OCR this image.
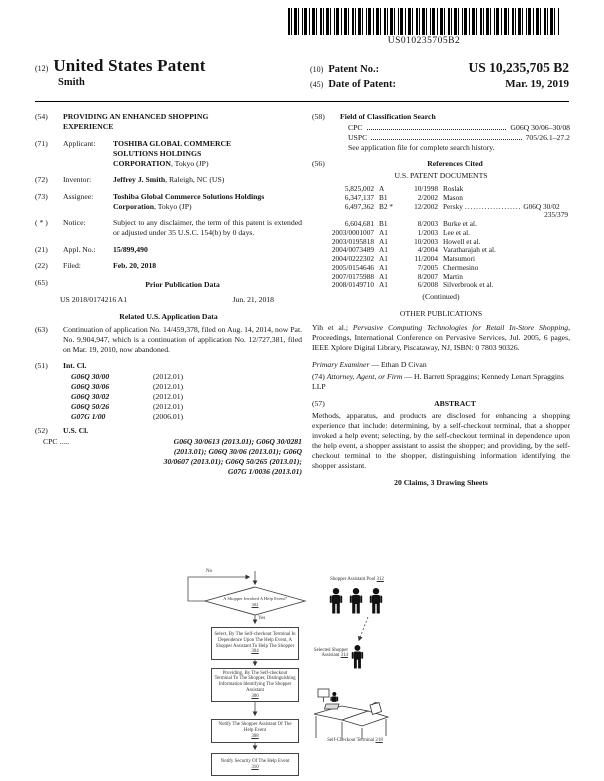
US010235705B2
(12) United States Patent
Smith
(10) Patent No.:	US 10,235,705 B2
(45) Date of Patent:	Mar. 19, 2019
(54)	PROVIDING AN ENHANCED SHOPPING EXPERIENCE
(71)	Applicant:	TOSHIBA GLOBAL COMMERCE SOLUTIONS HOLDINGS CORPORATION, Tokyo (JP)
(72)	Inventor:	Jeffrey J. Smith, Raleigh, NC (US)
(73)	Assignee:	Toshiba Global Commerce Solutions Holdings Corporation, Tokyo (JP)
( * )	Notice:	Subject to any disclaimer, the term of this patent is extended or adjusted under 35 U.S.C. 154(b) by 0 days.
(21)	Appl. No.:	15/899,490
(22)	Filed:	Feb. 20, 2018
(65)	Prior Publication Data
US 2018/0174216 A1	Jun. 21, 2018
Related U.S. Application Data
(63)	Continuation of application No. 14/459,378, filed on Aug. 14, 2014, now Pat. No. 9,904,947, which is a continuation of application No. 12/727,381, filed on Mar. 19, 2010, now abandoned.
(51)	Int. Cl.
G06Q 30/00	(2012.01)
G06Q 30/06	(2012.01)
G06Q 30/02	(2012.01)
G06Q 50/26	(2012.01)
G07G 1/00	(2006.01)
(52)	U.S. Cl.
CPC .....	G06Q 30/0613 (2013.01); G06Q 30/0281
(2013.01); G06Q 30/06 (2013.01); G06Q
30/0607 (2013.01); G06Q 50/265 (2013.01);
G07G 1/0036 (2013.01)
(58)	Field of Classification Search
CPC	G06Q 30/06–30/08
USPC	705/26.1–27.2
See application file for complete search history.
(56)	References Cited
U.S. PATENT DOCUMENTS
5,825,002 A	10/1998 Roslak
6,347,137 B1	2/2002 Mason
6,497,362 B2 *	12/2002 Persky .................... G06Q 30/02
235/379
6,604,681 B1	8/2003 Burke et al.
2003/0001007 A1	1/2003 Lee et al.
2003/0195818 A1	10/2003 Howell et al.
2004/0073489 A1	4/2004 Varatharajah et al.
2004/0222302 A1	11/2004 Matsumori
2005/0154646 A1	7/2005 Chermesino
2007/0175988 A1	8/2007 Martin
2008/0149710 A1	6/2008 Silverbrook et al.
(Continued)
OTHER PUBLICATIONS
Yih et al.; Pervasive Computing Technologies for Retail In-Store Shopping, Proceedings, International Conference on Pervasive Services, Jul. 2005, 6 pages, IEEE Xplore Digital Library, Piscataway, NJ, ISBN: 0 7803 90326.
Primary Examiner — Ethan D Civan
(74) Attorney, Agent, or Firm — H. Barrett Spraggins; Kennedy Lenart Spraggins LLP
(57)	ABSTRACT
Methods, apparatus, and products are disclosed for enhancing a shopping experience that include: determining, by a self-checkout terminal, that a shopper invoked a help event; selecting, by the self-checkout terminal in dependence upon the help event, a shopper assistant to assist the shopper; and providing, by the self-checkout terminal to the shopper, distinguishing information identifying the shopper assistant.
20 Claims, 3 Drawing Sheets
No
A Shopper Invoked A Help Event?
302
Yes
Select, By The Self-checkout Terminal In Dependence Upon The Help Event, A Shopper Assistant To Help The Shopper
304
Providing, By The Self-checkout Terminal To The Shopper, Distinguishing Information Identifying The Shopper Assistant
306
Notify The Shopper Assistant Of The Help Event
308
Notify Security Of The Help Event
310
Shopper Assistant Pool 312
Selected Shopper
Assistant 314
Self-Checkout Terminal 218
